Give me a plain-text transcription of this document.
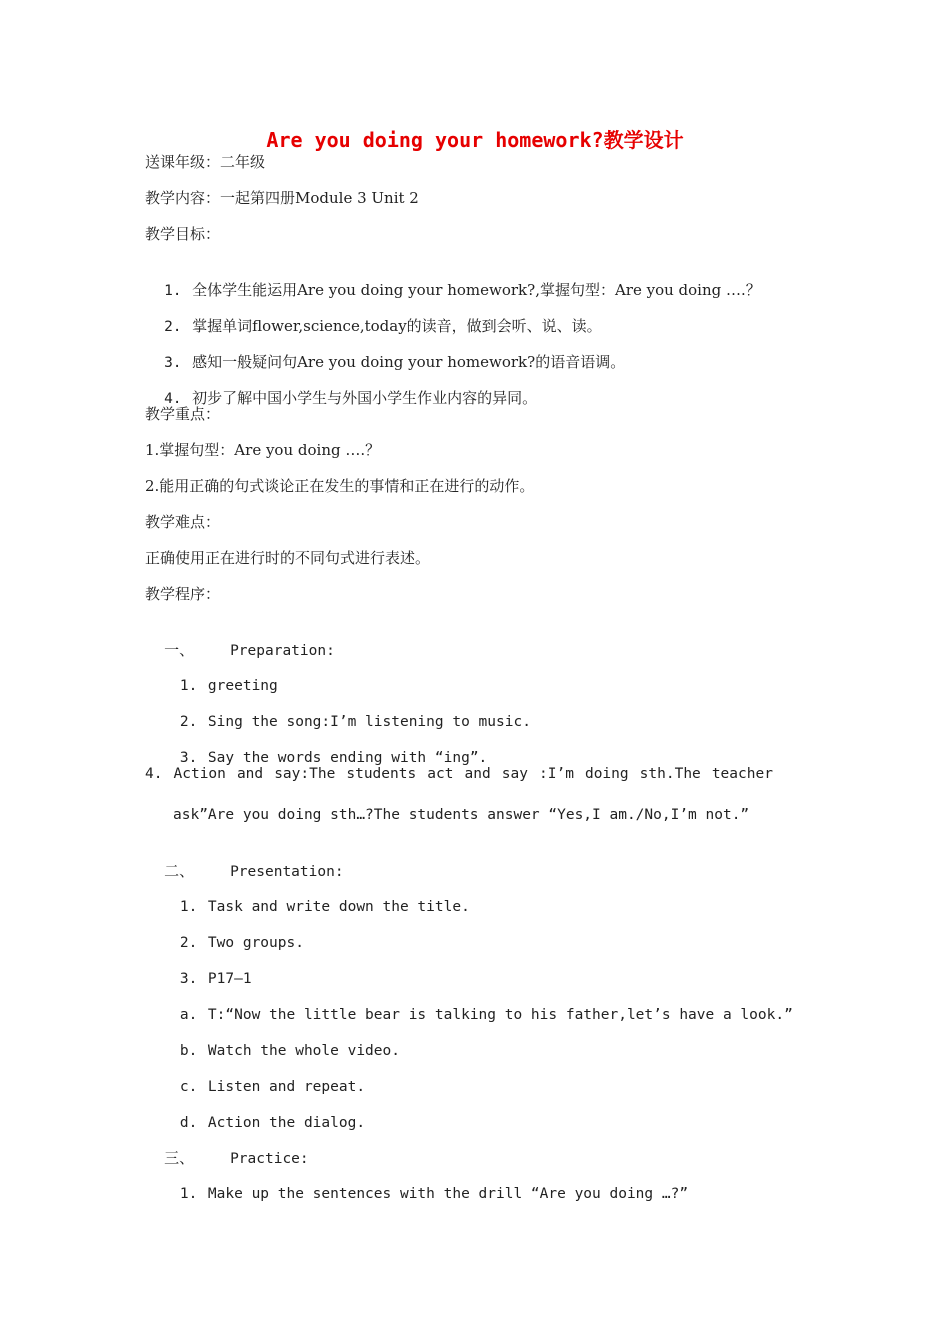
Are you doing your homework?教学设计
送课年级：二年级
教学内容：一起第四册Module 3 Unit 2
教学目标：

1. 全体学生能运用Are you doing your homework?,掌握句型：Are you doing ….？

2. 掌握单词flower,science,today的读音，做到会听、说、读。

3. 感知一般疑问句Are you doing your homework?的语音语调。

4. 初步了解中国小学生与外国小学生作业内容的异同。

教学重点：
1.掌握句型：Are you doing ….？
2.能用正确的句式谈论正在发生的事情和正在进行的动作。
教学难点：
正确使用正在进行时的不同句式进行表述。
教学程序：

一、 Preparation:

1. greeting

2. Sing the song:I’m listening to music.

3. Say the words ending with “ing”.

4. Action and say:The students act and say :I’m doing sth.The teacher
ask”Are you doing sth…?The students answer “Yes,I am./No,I’m not.”

二、 Presentation:

1. Task and write down the title.

2. Two groups.

3. P17—1

a. T:“Now the little bear is talking to his father,let’s have a look.”

b. Watch the whole video.

c. Listen and repeat.

d. Action the dialog.

三、 Practice:

1. Make up the sentences with the drill “Are you doing …?”
